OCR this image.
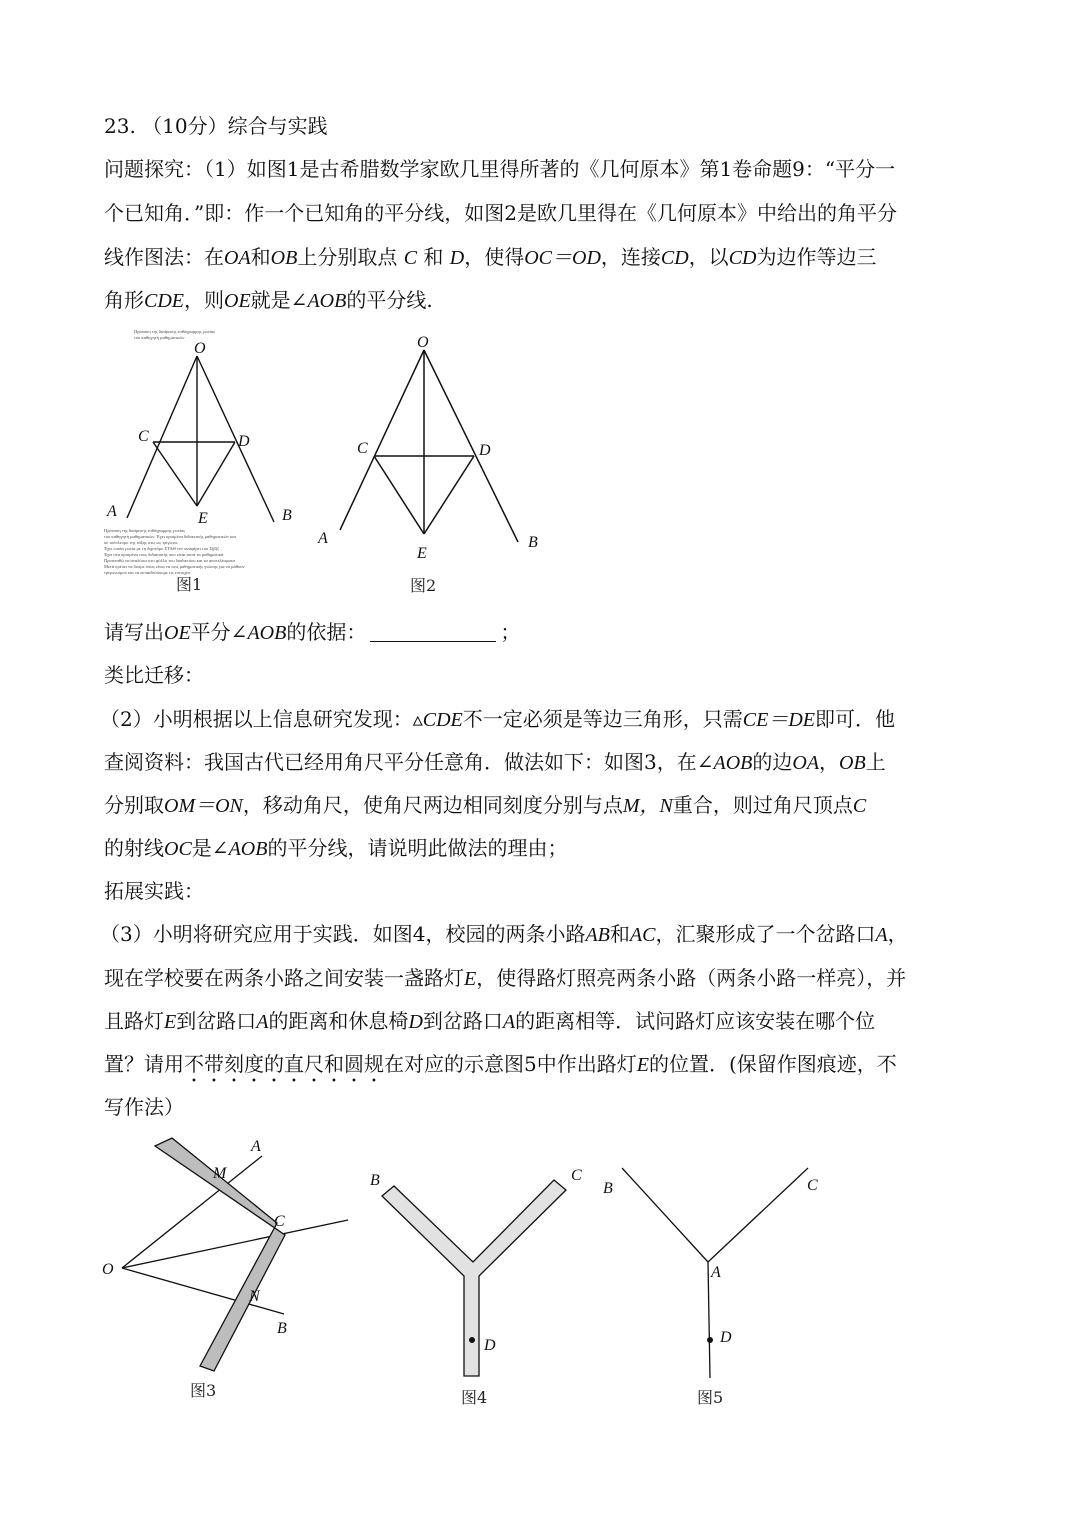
23. （10分）综合与实践
问题探究：（1）如图1是古希腊数学家欧几里得所著的《几何原本》第1卷命题9：“平分一
个已知角．”即：作一个已知角的平分线，如图2是欧几里得在《几何原本》中给出的角平分
线作图法：在OA和OB上分别取点 C 和 D，使得OC＝OD，连接CD，以CD为边作等边三
角形CDE，则OE就是∠AOB的平分线.
Πρόταση της διαίρεσης ευθύγραμμης γωνίας
του καθηγητή μαθηματικών
O
C	D
A	B
E
Πρόταση της διαίρεσης ευθύγραμμης γωνίας
του καθηγητή μαθηματικών. Έχει ορισμένα διδακτικής μαθηματικών και
σε ισόπλευρο της τάξης στις ως τρίγωνα.
Έχει οποία γωνία με τη διχοτόμο ΣΤΑΘ τον αναφέρει του Σ(β)ζ
Έχει στα ορισμένα τους διδακτικής που είναι αυτά τα μαθηματικά
Προσπαθώ να αναλύσω στο φύλλο του διαδικτύου και τα αποτελέσματα
Μετά πρέπει να δούμε όπως είναι να πεις μαθηματικής γνώσης για να μάθουν
τριγωνισμού και να εκπαιδεύσουμε τις επιτυχία
图1
O
C	D
A	B
E
图2
请写出OE平分∠AOB的依据：	；
类比迁移：
（2）小明根据以上信息研究发现：▵CDE不一定必须是等边三角形，只需CE＝DE即可．他
查阅资料：我国古代已经用角尺平分任意角．做法如下：如图3，在∠AOB的边OA，OB上
分别取OM＝ON，移动角尺，使角尺两边相同刻度分别与点M，N重合，则过角尺顶点C
的射线OC是∠AOB的平分线，请说明此做法的理由；
拓展实践：
（3）小明将研究应用于实践．如图4，校园的两条小路AB和AC，汇聚形成了一个岔路口A，
现在学校要在两条小路之间安装一盏路灯E，使得路灯照亮两条小路（两条小路一样亮），并
且路灯E到岔路口A的距离和休息椅D到岔路口A的距离相等．试问路灯应该安装在哪个位
置？请用不带刻度的直尺和圆规在对应的示意图5中作出路灯E的位置．(保留作图痕迹，不
写作法）
A
M
C
O
N
B
图3
B	C
D
图4
B	C
A
D
图5
